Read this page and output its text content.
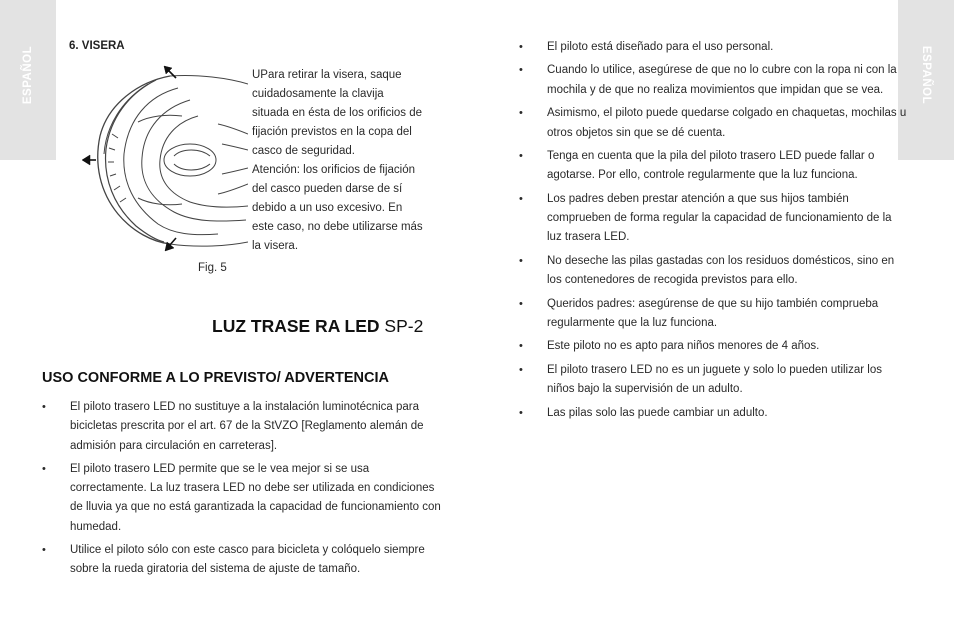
ESPAÑOL	ESPAÑOL
6. VISERA
UPara retirar la visera, saque
cuidadosamente la clavija
situada en ésta de los orificios de
fijación previstos en la copa del
casco de seguridad.
Atención: los orificios de fijación
del casco pueden darse de sí
debido a un uso excesivo. En
este caso, no debe utilizarse más
la visera.
Fig. 5
LUZ TRASE RA LED SP-2
USO CONFORME A LO PREVISTO/ ADVERTENCIA
• El piloto trasero LED no sustituye a la instalación luminotécnica para bicicletas prescrita por el art. 67 de la StVZO [Reglamento alemán de admisión para circulación en carreteras].
• El piloto trasero LED permite que se le vea mejor si se usa correctamente. La luz trasera LED no debe ser utilizada en condiciones de lluvia ya que no está garantizada la capacidad de funcionamiento con humedad.
• Utilice el piloto sólo con este casco para bicicleta y colóquelo siempre sobre la rueda giratoria del sistema de ajuste de tamaño.
• El piloto está diseñado para el uso personal.
• Cuando lo utilice, asegúrese de que no lo cubre con la ropa ni con la mochila y de que no realiza movimientos que impidan que se vea.
• Asimismo, el piloto puede quedarse colgado en chaquetas, mochilas u otros objetos sin que se dé cuenta.
• Tenga en cuenta que la pila del piloto trasero LED puede fallar o agotarse. Por ello, controle regularmente que la luz funciona.
• Los padres deben prestar atención a que sus hijos también comprueben de forma regular la capacidad de funcionamiento de la luz trasera LED.
• No deseche las pilas gastadas con los residuos domésticos, sino en los contenedores de recogida previstos para ello.
• Queridos padres: asegúrense de que su hijo también comprueba regularmente que la luz funciona.
• Este piloto no es apto para niños menores de 4 años.
• El piloto trasero LED no es un juguete y solo lo pueden utilizar los niños bajo la supervisión de un adulto.
• Las pilas solo las puede cambiar un adulto.
